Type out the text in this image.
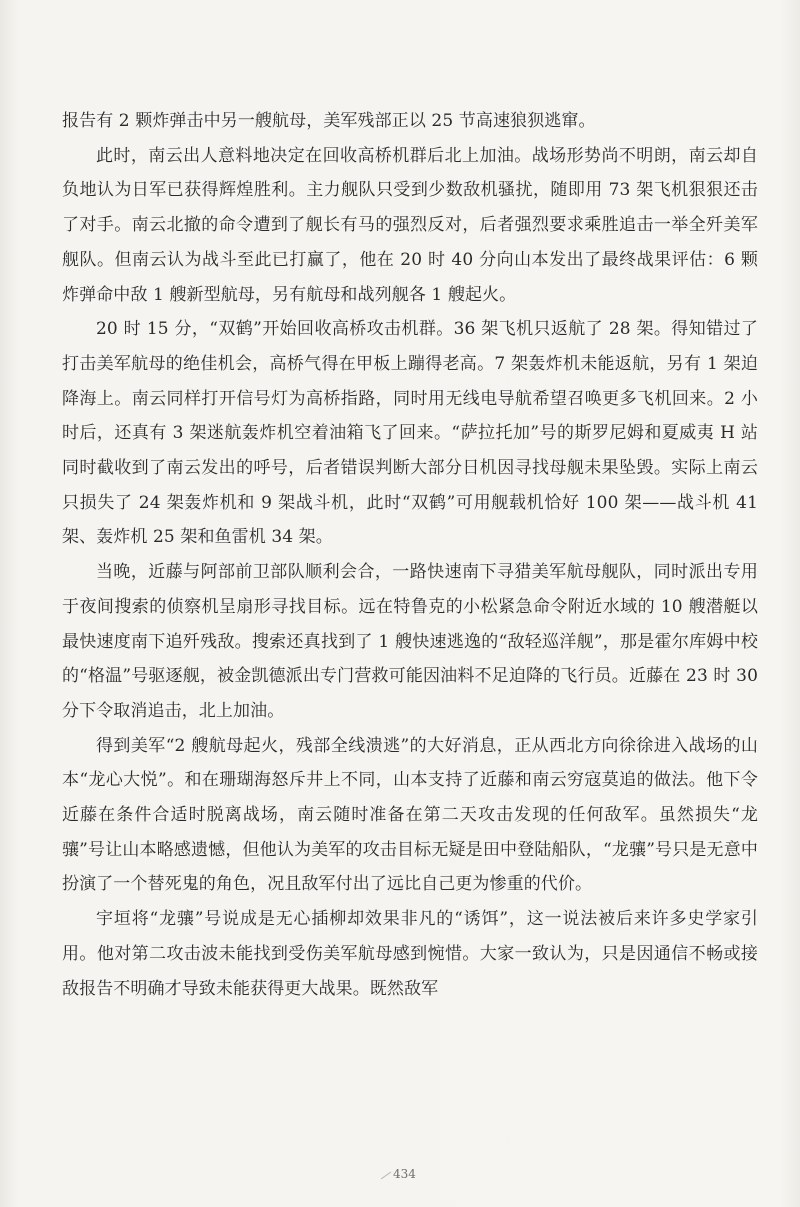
报告有 2 颗炸弹击中另一艘航母，美军残部正以 25 节高速狼狈逃窜。

此时，南云出人意料地决定在回收高桥机群后北上加油。战场形势尚不明朗，南云却自负地认为日军已获得辉煌胜利。主力舰队只受到少数敌机骚扰，随即用 73 架飞机狠狠还击了对手。南云北撤的命令遭到了舰长有马的强烈反对，后者强烈要求乘胜追击一举全歼美军舰队。但南云认为战斗至此已打赢了，他在 20 时 40 分向山本发出了最终战果评估：6 颗炸弹命中敌 1 艘新型航母，另有航母和战列舰各 1 艘起火。

20 时 15 分，“双鹤”开始回收高桥攻击机群。36 架飞机只返航了 28 架。得知错过了打击美军航母的绝佳机会，高桥气得在甲板上蹦得老高。7 架轰炸机未能返航，另有 1 架迫降海上。南云同样打开信号灯为高桥指路，同时用无线电导航希望召唤更多飞机回来。2 小时后，还真有 3 架迷航轰炸机空着油箱飞了回来。“萨拉托加”号的斯罗尼姆和夏威夷 H 站同时截收到了南云发出的呼号，后者错误判断大部分日机因寻找母舰未果坠毁。实际上南云只损失了 24 架轰炸机和 9 架战斗机，此时“双鹤”可用舰载机恰好 100 架——战斗机 41 架、轰炸机 25 架和鱼雷机 34 架。

当晚，近藤与阿部前卫部队顺利会合，一路快速南下寻猎美军航母舰队，同时派出专用于夜间搜索的侦察机呈扇形寻找目标。远在特鲁克的小松紧急命令附近水域的 10 艘潜艇以最快速度南下追歼残敌。搜索还真找到了 1 艘快速逃逸的“敌轻巡洋舰”，那是霍尔库姆中校的“格温”号驱逐舰，被金凯德派出专门营救可能因油料不足迫降的飞行员。近藤在 23 时 30 分下令取消追击，北上加油。

得到美军“2 艘航母起火，残部全线溃逃”的大好消息，正从西北方向徐徐进入战场的山本“龙心大悦”。和在珊瑚海怒斥井上不同，山本支持了近藤和南云穷寇莫追的做法。他下令近藤在条件合适时脱离战场，南云随时准备在第二天攻击发现的任何敌军。虽然损失“龙骧”号让山本略感遗憾，但他认为美军的攻击目标无疑是田中登陆船队，“龙骧”号只是无意中扮演了一个替死鬼的角色，况且敌军付出了远比自己更为惨重的代价。

宇垣将“龙骧”号说成是无心插柳却效果非凡的“诱饵”，这一说法被后来许多史学家引用。他对第二攻击波未能找到受伤美军航母感到惋惜。大家一致认为，只是因通信不畅或接敌报告不明确才导致未能获得更大战果。既然敌军

434
